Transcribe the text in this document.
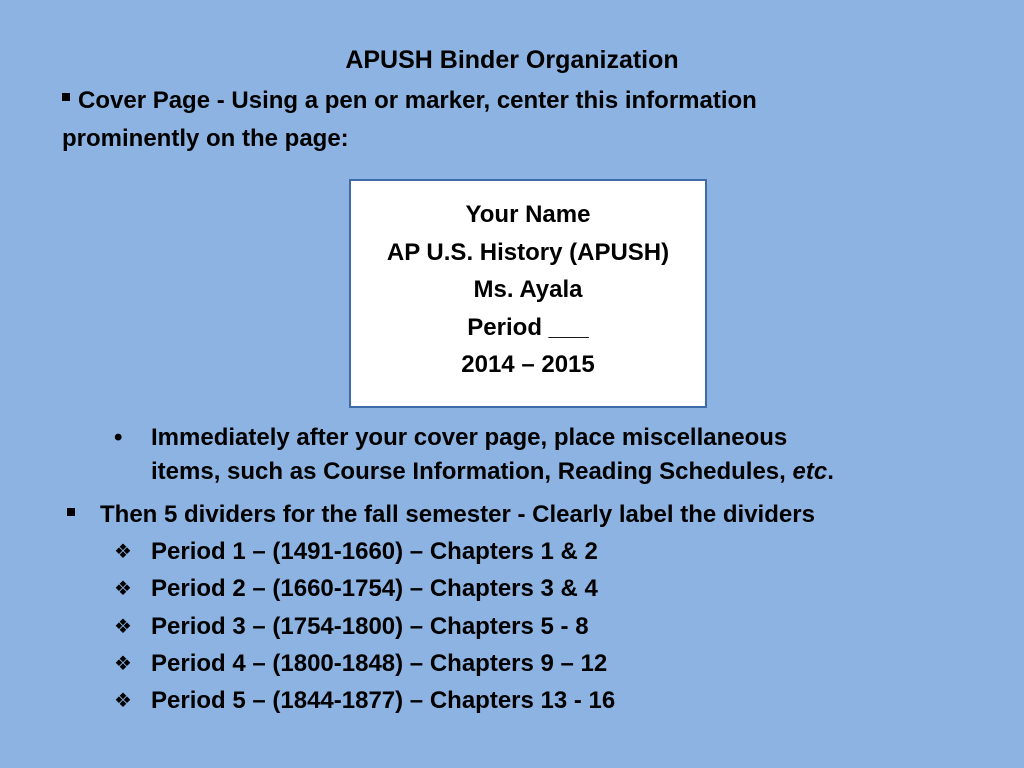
APUSH Binder Organization
Cover Page - Using a pen or marker, center this information
prominently on the page:
Your Name
AP U.S. History (APUSH)
Ms. Ayala
Period ___
2014 – 2015
•	Immediately after your cover page, place miscellaneous
items, such as Course Information, Reading Schedules, etc.
Then 5 dividers for the fall semester - Clearly label the dividers
❖ Period 1 – (1491-1660) – Chapters 1 & 2
❖ Period 2 – (1660-1754) – Chapters 3 & 4
❖ Period 3 – (1754-1800) – Chapters 5 - 8
❖ Period 4 – (1800-1848) – Chapters 9 – 12
❖ Period 5 – (1844-1877) – Chapters 13 - 16
